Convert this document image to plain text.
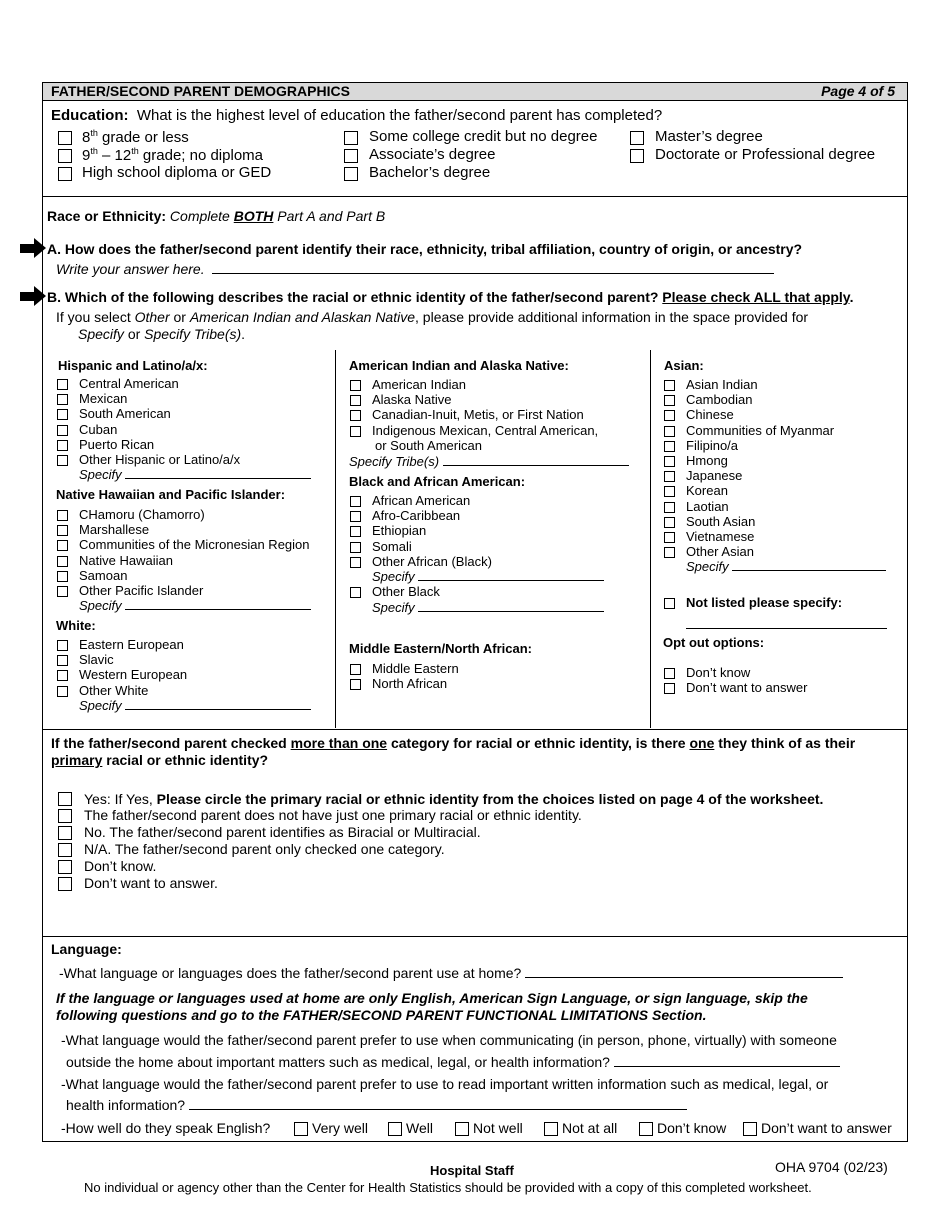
FATHER/SECOND PARENT DEMOGRAPHICS	Page 4 of 5
Education: What is the highest level of education the father/second parent has completed?
8th grade or less
9th – 12th grade; no diploma
High school diploma or GED
Some college credit but no degree
Associate’s degree
Bachelor’s degree
Master’s degree
Doctorate or Professional degree
Race or Ethnicity: Complete BOTH Part A and Part B
A. How does the father/second parent identify their race, ethnicity, tribal affiliation, country of origin, or ancestry?
Write your answer here.
B. Which of the following describes the racial or ethnic identity of the father/second parent? Please check ALL that apply.
If you select Other or American Indian and Alaskan Native, please provide additional information in the space provided for
Specify or Specify Tribe(s).
Hispanic and Latino/a/x:
Central American
Mexican
South American
Cuban
Puerto Rican
Other Hispanic or Latino/a/x
Specify
Native Hawaiian and Pacific Islander:
CHamoru (Chamorro)
Marshallese
Communities of the Micronesian Region
Native Hawaiian
Samoan
Other Pacific Islander
Specify
White:
Eastern European
Slavic
Western European
Other White
Specify
American Indian and Alaska Native:
American Indian
Alaska Native
Canadian-Inuit, Metis, or First Nation
Indigenous Mexican, Central American,
or South American
Specify Tribe(s)
Black and African American:
African American
Afro-Caribbean
Ethiopian
Somali
Other African (Black)
Specify
Other Black
Specify
Middle Eastern/North African:
Middle Eastern
North African
Asian:
Asian Indian
Cambodian
Chinese
Communities of Myanmar
Filipino/a
Hmong
Japanese
Korean
Laotian
South Asian
Vietnamese
Other Asian
Specify
Not listed please specify:
Opt out options:
Don’t know
Don’t want to answer
If the father/second parent checked more than one category for racial or ethnic identity, is there one they think of as their
primary racial or ethnic identity?
Yes: If Yes, Please circle the primary racial or ethnic identity from the choices listed on page 4 of the worksheet.
The father/second parent does not have just one primary racial or ethnic identity.
No. The father/second parent identifies as Biracial or Multiracial.
N/A. The father/second parent only checked one category.
Don’t know.
Don’t want to answer.
Language:
-What language or languages does the father/second parent use at home?
If the language or languages used at home are only English, American Sign Language, or sign language, skip the
following questions and go to the FATHER/SECOND PARENT FUNCTIONAL LIMITATIONS Section.
-What language would the father/second parent prefer to use when communicating (in person, phone, virtually) with someone
outside the home about important matters such as medical, legal, or health information?
-What language would the father/second parent prefer to use to read important written information such as medical, legal, or
health information?
-How well do they speak English?	Very well	Well	Not well	Not at all	Don’t know Don’t want to answer
Hospital Staff	OHA 9704 (02/23)
No individual or agency other than the Center for Health Statistics should be provided with a copy of this completed worksheet.
